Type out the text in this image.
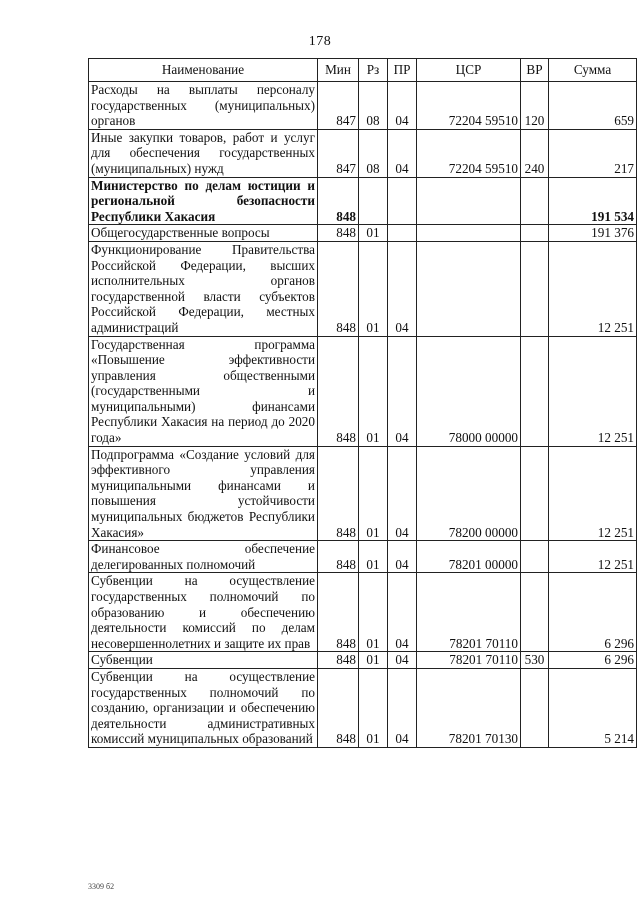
178
Наименование	Мин	Рз	ПР	ЦСР	ВР	Сумма
Расходы на выплаты персоналу государственных (муниципальных) органов	847	08	04	72204 59510	120	659
Иные закупки товаров, работ и услуг для обеспечения государственных (муниципальных) нужд	847	08	04	72204 59510	240	217
Министерство по делам юстиции и региональной безопасности Республики Хакасия	848					191 534
Общегосударственные вопросы	848	01				191 376
Функционирование Правительства Российской Федерации, высших исполнительных органов государственной власти субъектов Российской Федерации, местных администраций	848	01	04			12 251
Государственная программа «Повышение эффективности управления общественными (государственными и муниципальными) финансами Республики Хакасия на период до 2020 года»	848	01	04	78000 00000		12 251
Подпрограмма «Создание условий для эффективного управления муниципальными финансами и повышения устойчивости муниципальных бюджетов Республики Хакасия»	848	01	04	78200 00000		12 251
Финансовое обеспечение делегированных полномочий	848	01	04	78201 00000		12 251
Субвенции на осуществление государственных полномочий по образованию и обеспечению деятельности комиссий по делам несовершеннолетних и защите их прав	848	01	04	78201 70110		6 296
Субвенции	848	01	04	78201 70110	530	6 296
Субвенции на осуществление государственных полномочий по созданию, организации и обеспечению деятельности административных комиссий муниципальных образований	848	01	04	78201 70130		5 214
3309 б2
